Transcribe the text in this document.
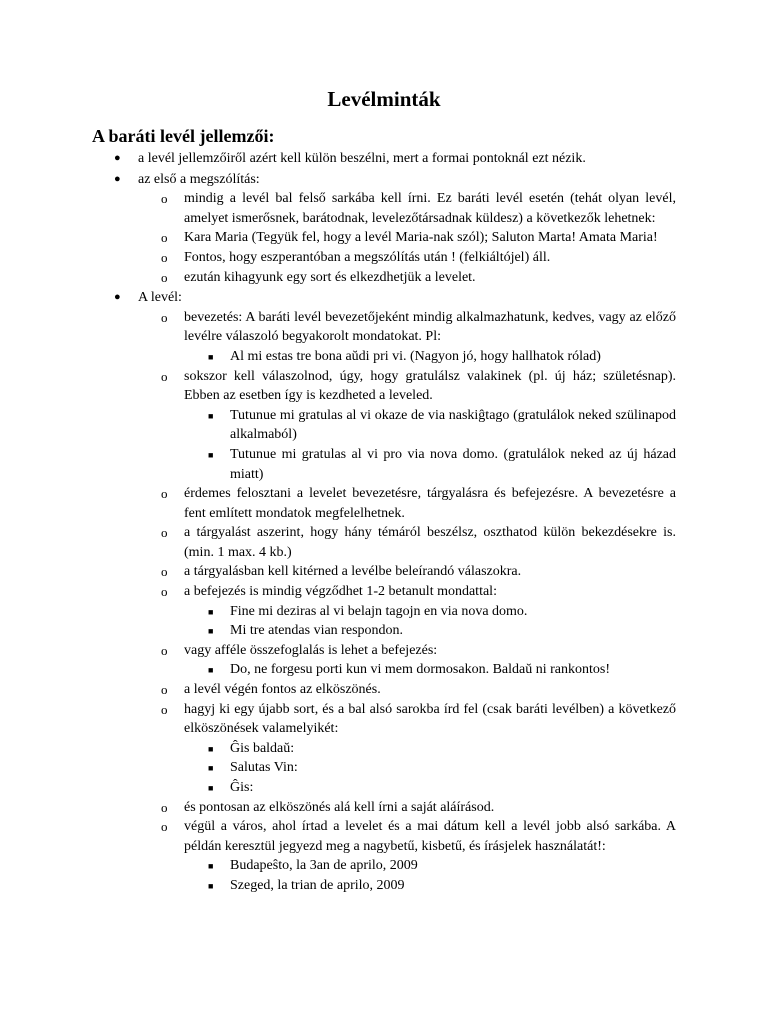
Levélminták
A baráti levél jellemzői:
● a levél jellemzőiről azért kell külön beszélni, mert a formai pontoknál ezt nézik.
● az első a megszólítás:
o mindig a levél bal felső sarkába kell írni. Ez baráti levél esetén (tehát olyan levél, amelyet ismerősnek, barátodnak, levelezőtársadnak küldesz) a következők lehetnek:
o Kara Maria (Tegyük fel, hogy a levél Maria-nak szól); Saluton Marta! Amata Maria!
o Fontos, hogy eszperantóban a megszólítás után ! (felkiáltójel) áll.
o ezután kihagyunk egy sort és elkezdhetjük a levelet.
● A levél:
o bevezetés: A baráti levél bevezetőjeként mindig alkalmazhatunk, kedves, vagy az előző levélre válaszoló begyakorolt mondatokat. Pl:
■ Al mi estas tre bona aŭdi pri vi. (Nagyon jó, hogy hallhatok rólad)
o sokszor kell válaszolnod, úgy, hogy gratulálsz valakinek (pl. új ház; születésnap). Ebben az esetben így is kezdheted a leveled.
■ Tutunue mi gratulas al vi okaze de via naskiĝtago (gratulálok neked szülinapod alkalmaból)
■ Tutunue mi gratulas al vi pro via nova domo. (gratulálok neked az új házad miatt)
o érdemes felosztani a levelet bevezetésre, tárgyalásra és befejezésre. A bevezetésre a fent említett mondatok megfelelhetnek.
o a tárgyalást aszerint, hogy hány témáról beszélsz, oszthatod külön bekezdésekre is. (min. 1 max. 4 kb.)
o a tárgyalásban kell kitérned a levélbe beleírandó válaszokra.
o a befejezés is mindig végződhet 1-2 betanult mondattal:
■ Fine mi deziras al vi belajn tagojn en via nova domo.
■ Mi tre atendas vian respondon.
o vagy afféle összefoglalás is lehet a befejezés:
■ Do, ne forgesu porti kun vi mem dormosakon. Baldaŭ ni rankontos!
o a levél végén fontos az elköszönés.
o hagyj ki egy újabb sort, és a bal alsó sarokba írd fel (csak baráti levélben) a következő elköszönések valamelyikét:
■ Ĝis baldaŭ:
■ Salutas Vin:
■ Ĝis:
o és pontosan az elköszönés alá kell írni a saját aláírásod.
o végül a város, ahol írtad a levelet és a mai dátum kell a levél jobb alsó sarkába. A példán keresztül jegyezd meg a nagybetű, kisbetű, és írásjelek használatát!:
■ Budapeŝto, la 3an de aprilo, 2009
■ Szeged, la trian de aprilo, 2009
